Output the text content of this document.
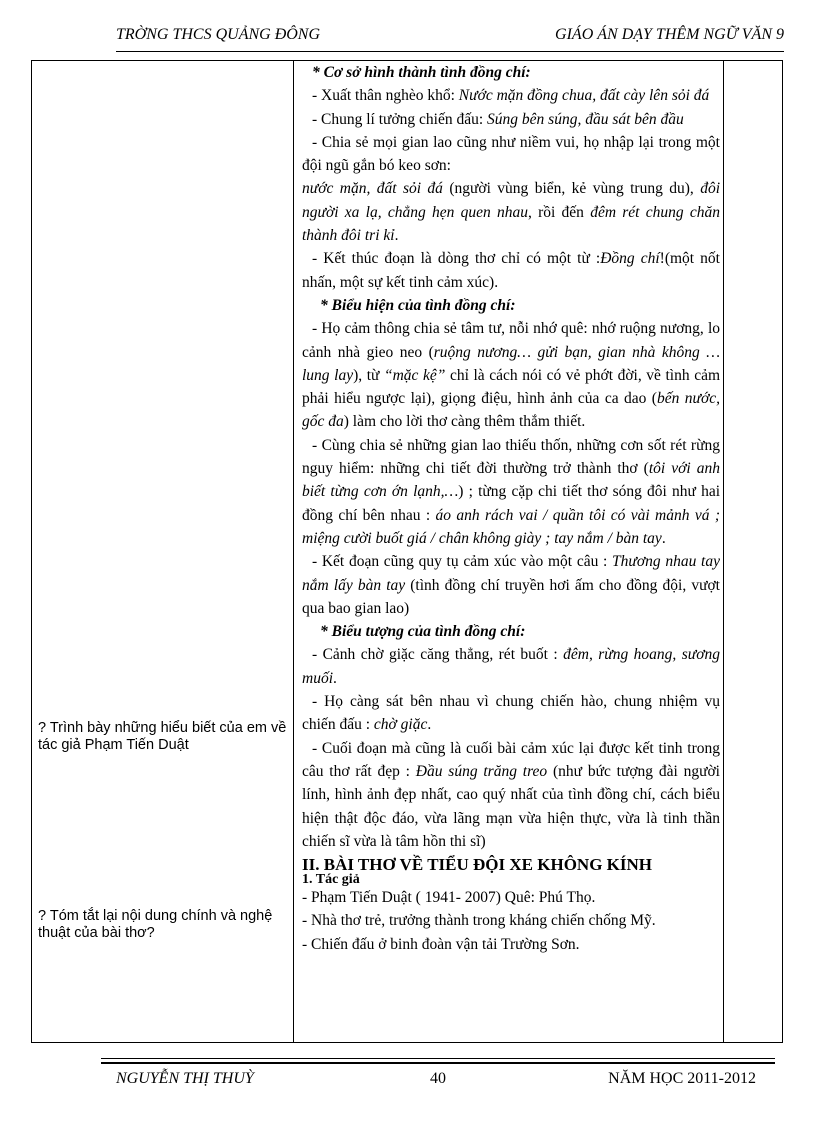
TRỜNG THCS QUẢNG ĐÔNG	GIÁO ÁN DẠY THÊM NGỮ VĂN 9
? Trình bày những hiểu biết của em về tác giả Phạm Tiến Duật
? Tóm tắt lại nội dung chính và nghệ thuật của bài thơ?

* Cơ sở hình thành tình đồng chí:

- Xuất thân nghèo khổ: Nước mặn đồng chua, đất cày lên sỏi đá

- Chung lí tưởng chiến đấu: Súng bên súng, đầu sát bên đầu

- Chia sẻ mọi gian lao cũng như niềm vui, họ nhập lại trong một đội ngũ gắn bó keo sơn:

nước mặn, đất sỏi đá (người vùng biển, kẻ vùng trung du), đôi người xa lạ, chẳng hẹn quen nhau, rồi đến đêm rét chung chăn thành đôi tri kỉ.

- Kết thúc đoạn là dòng thơ chỉ có một từ :Đồng chí!(một nốt nhấn, một sự kết tinh cảm xúc).

* Biểu hiện của tình đồng chí:

- Họ cảm thông chia sẻ tâm tư, nỗi nhớ quê: nhớ ruộng nương, lo cảnh nhà gieo neo (ruộng nương… gửi bạn, gian nhà không … lung lay), từ “mặc kệ” chỉ là cách nói có vẻ phớt đời, về tình cảm phải hiểu ngược lại), giọng điệu, hình ảnh của ca dao (bến nước, gốc đa) làm cho lời thơ càng thêm thắm thiết.

- Cùng chia sẻ những gian lao thiếu thốn, những cơn sốt rét rừng nguy hiểm: những chi tiết đời thường trở thành thơ (tôi với anh biết từng cơn ớn lạnh,…) ; từng cặp chi tiết thơ sóng đôi như hai đồng chí bên nhau : áo anh rách vai / quần tôi có vài mảnh vá ; miệng cười buốt giá / chân không giày ; tay nắm / bàn tay.

- Kết đoạn cũng quy tụ cảm xúc vào một câu : Thương nhau tay nắm lấy bàn tay (tình đồng chí truyền hơi ấm cho đồng đội, vượt qua bao gian lao)

* Biểu tượng của tình đồng chí:

- Cảnh chờ giặc căng thẳng, rét buốt : đêm, rừng hoang, sương muối.

- Họ càng sát bên nhau vì chung chiến hào, chung nhiệm vụ chiến đấu : chờ giặc.

- Cuối đoạn mà cũng là cuối bài cảm xúc lại được kết tinh trong câu thơ rất đẹp : Đầu súng trăng treo (như bức tượng đài người lính, hình ảnh đẹp nhất, cao quý nhất của tình đồng chí, cách biểu hiện thật độc đáo, vừa lãng mạn vừa hiện thực, vừa là tinh thần chiến sĩ vừa là tâm hồn thi sĩ)

II. BÀI THƠ VỀ TIỂU ĐỘI XE KHÔNG KÍNH

1. Tác giả

- Phạm Tiến Duật ( 1941- 2007) Quê: Phú Thọ.

- Nhà thơ trẻ, trưởng thành trong kháng chiến chống Mỹ.

- Chiến đấu ở binh đoàn vận tải Trường Sơn.

NGUYỄN THỊ THUỲ	40	NĂM HỌC 2011-2012
